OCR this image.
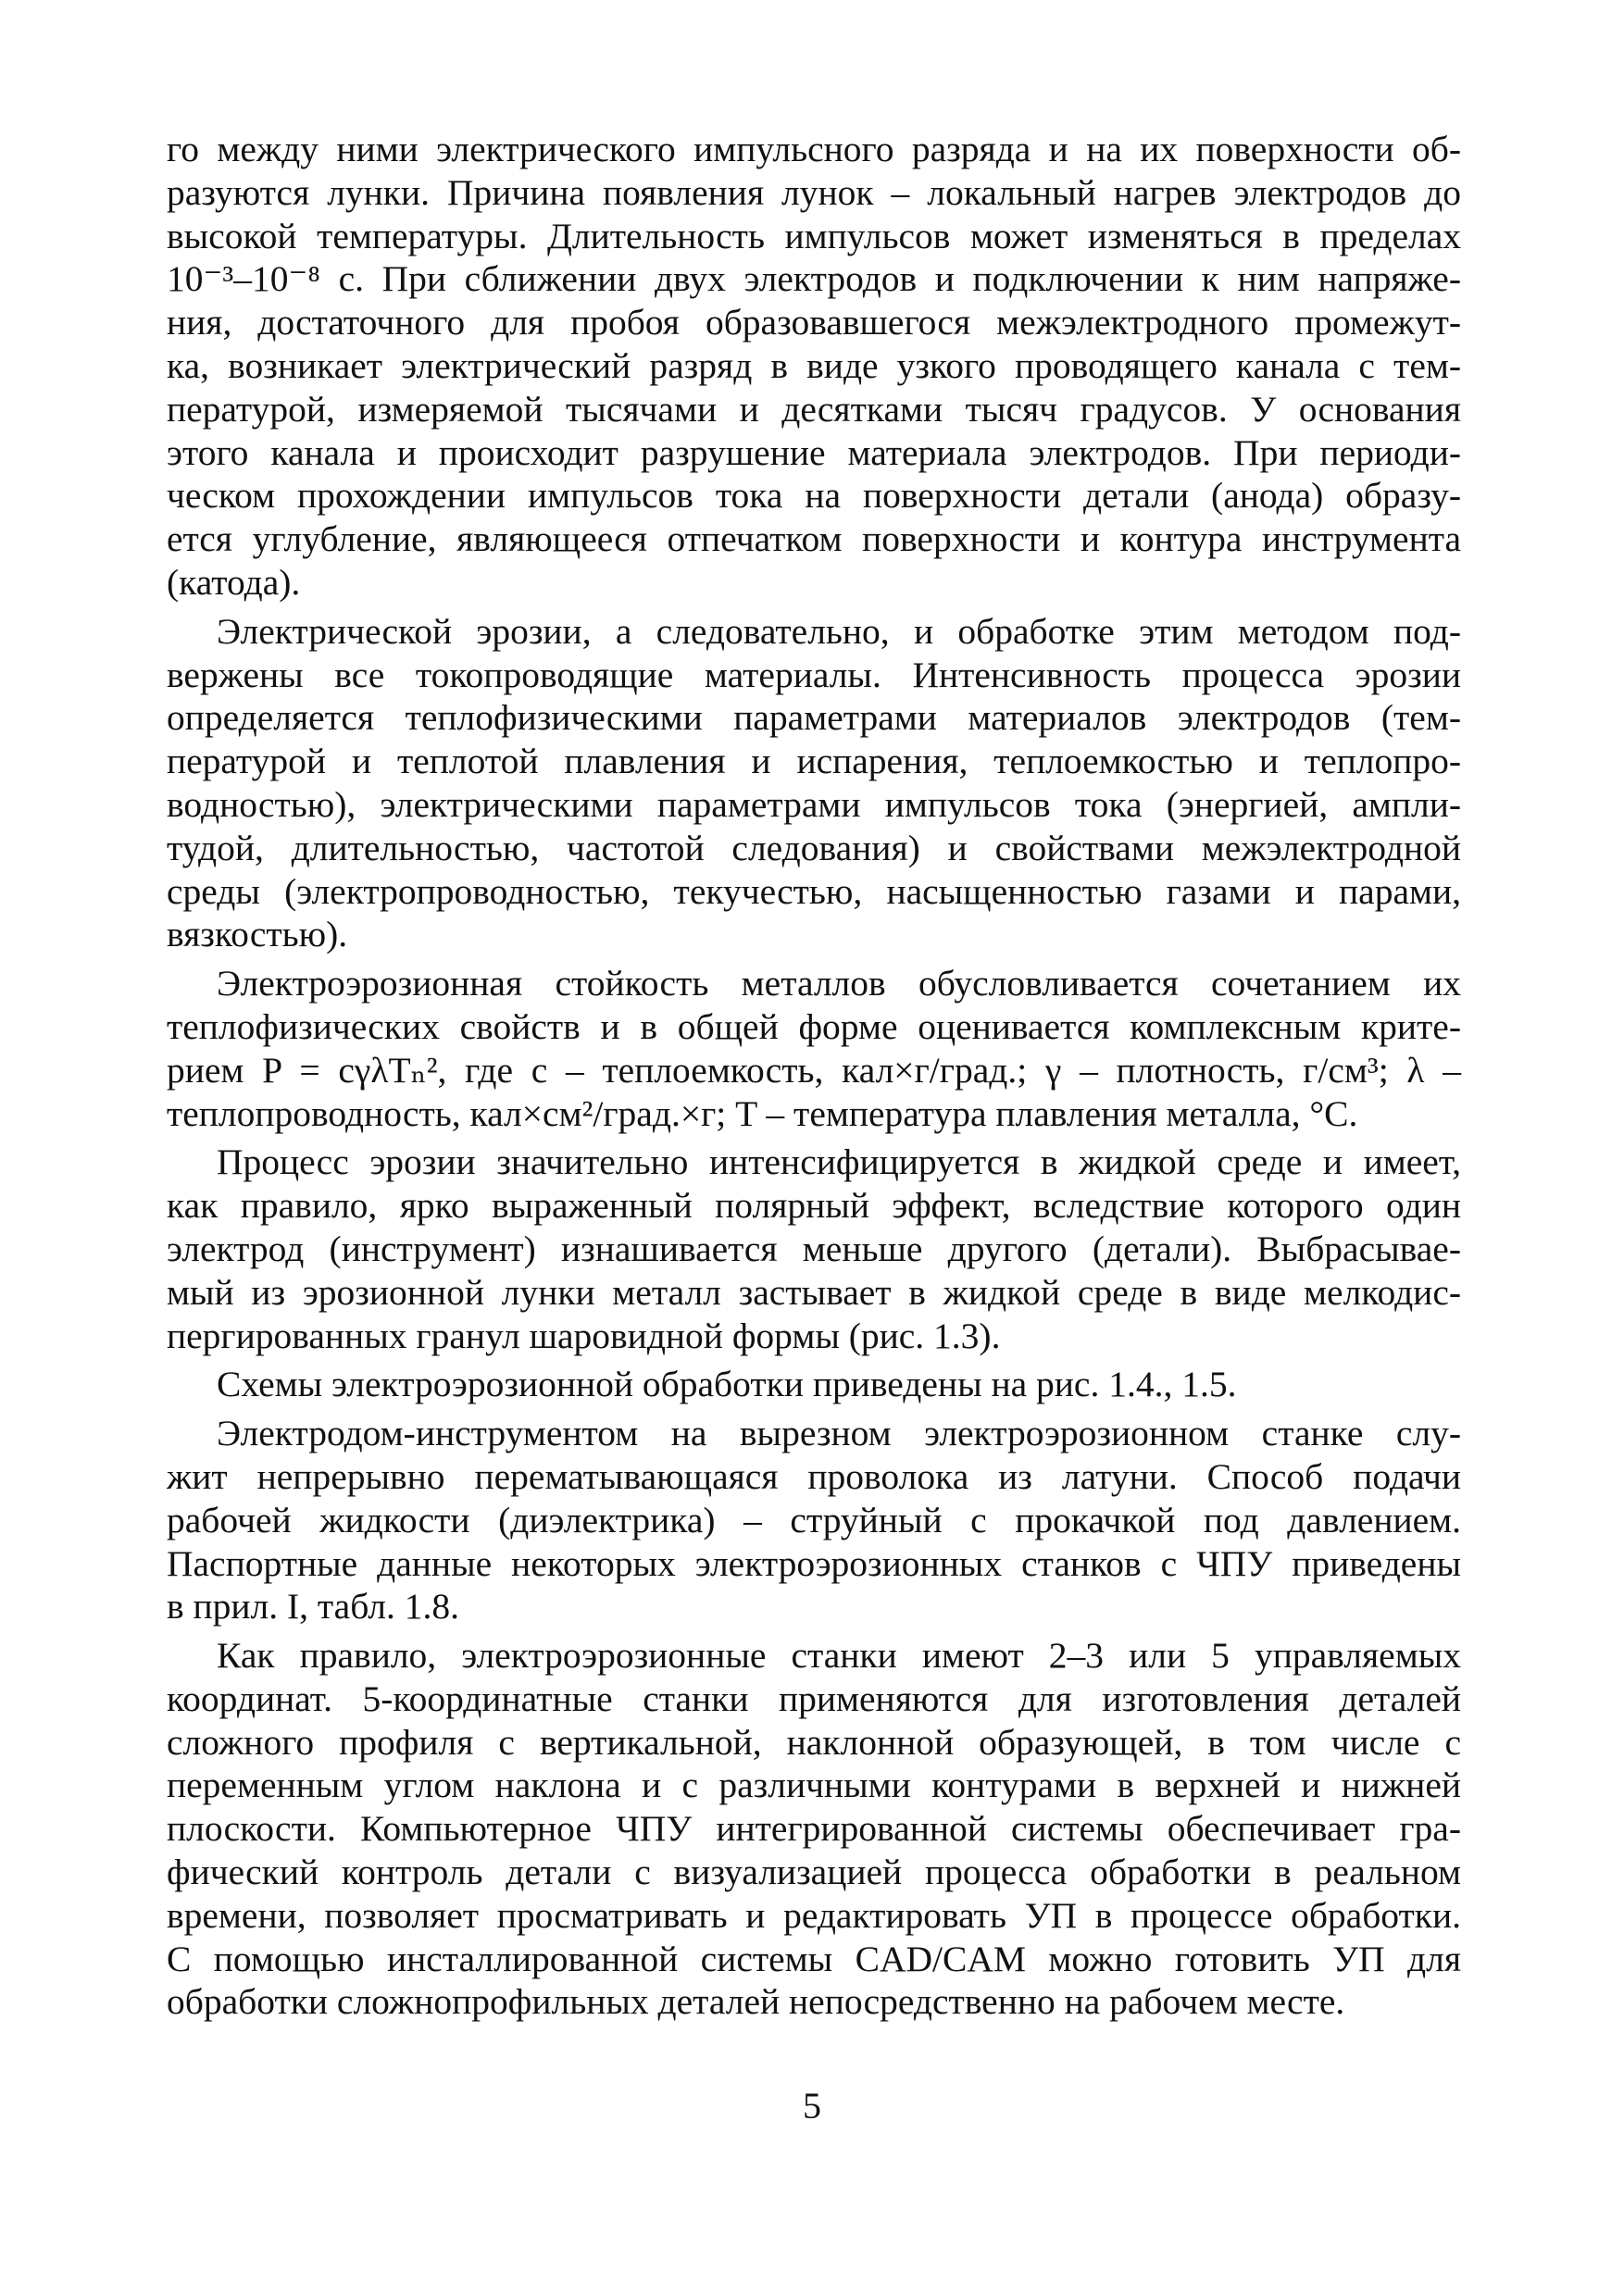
го между ними электрического импульсного разряда и на их поверхности об-
разуются лунки. Причина появления лунок – локальный нагрев электродов до
высокой температуры. Длительность импульсов может изменяться в пределах
10⁻³–10⁻⁸ с. При сближении двух электродов и подключении к ним напряже-
ния, достаточного для пробоя образовавшегося межэлектродного промежут-
ка, возникает электрический разряд в виде узкого проводящего канала с тем-
пературой, измеряемой тысячами и десятками тысяч градусов. У основания
этого канала и происходит разрушение материала электродов. При периоди-
ческом прохождении импульсов тока на поверхности детали (анода) образу-
ется углубление, являющееся отпечатком поверхности и контура инструмента
(катода).
Электрической эрозии, а следовательно, и обработке этим методом под-
вержены все токопроводящие материалы. Интенсивность процесса эрозии
определяется теплофизическими параметрами материалов электродов (тем-
пературой и теплотой плавления и испарения, теплоемкостью и теплопро-
водностью), электрическими параметрами импульсов тока (энергией, ампли-
тудой, длительностью, частотой следования) и свойствами межэлектродной
среды (электропроводностью, текучестью, насыщенностью газами и парами,
вязкостью).
Электроэрозионная стойкость металлов обусловливается сочетанием их
теплофизических свойств и в общей форме оценивается комплексным крите-
рием P = cγλTₙ², где c – теплоемкость, кал×г/град.; γ – плотность, г/см³; λ –
теплопроводность, кал×см²/град.×г; T – температура плавления металла, °C.
Процесс эрозии значительно интенсифицируется в жидкой среде и имеет,
как правило, ярко выраженный полярный эффект, вследствие которого один
электрод (инструмент) изнашивается меньше другого (детали). Выбрасывае-
мый из эрозионной лунки металл застывает в жидкой среде в виде мелкодис-
пергированных гранул шаровидной формы (рис. 1.3).
Схемы электроэрозионной обработки приведены на рис. 1.4., 1.5.
Электродом-инструментом на вырезном электроэрозионном станке слу-
жит непрерывно перематывающаяся проволока из латуни. Способ подачи
рабочей жидкости (диэлектрика) – струйный с прокачкой под давлением.
Паспортные данные некоторых электроэрозионных станков с ЧПУ приведены
в прил. I, табл. 1.8.
Как правило, электроэрозионные станки имеют 2–3 или 5 управляемых
координат. 5-координатные станки применяются для изготовления деталей
сложного профиля с вертикальной, наклонной образующей, в том числе с
переменным углом наклона и с различными контурами в верхней и нижней
плоскости. Компьютерное ЧПУ интегрированной системы обеспечивает гра-
фический контроль детали с визуализацией процесса обработки в реальном
времени, позволяет просматривать и редактировать УП в процессе обработки.
С помощью инсталлированной системы CAD/CAM можно готовить УП для
обработки сложнопрофильных деталей непосредственно на рабочем месте.
5
